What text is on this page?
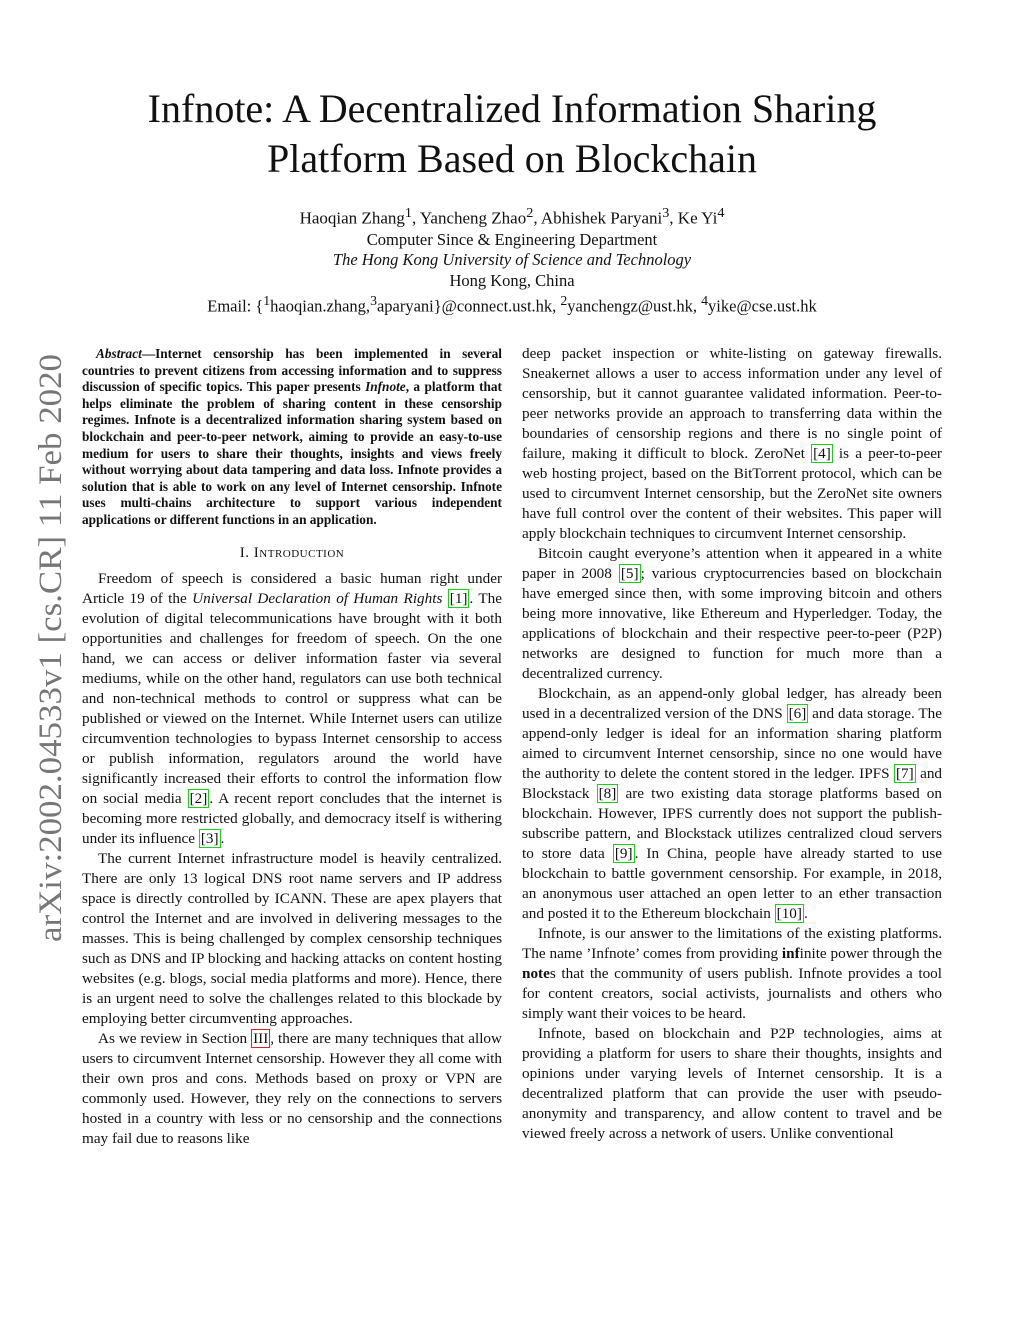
arXiv:2002.04533v1 [cs.CR] 11 Feb 2020
Infnote: A Decentralized Information Sharing
Platform Based on Blockchain
Haoqian Zhang$^1$, Yancheng Zhao$^2$, Abhishek Paryani$^3$, Ke Yi$^4$
Computer Since & Engineering Department
The Hong Kong University of Science and Technology
Hong Kong, China
Email: {$^1$haoqian.zhang,$^3$aparyani}@connect.ust.hk, $^2$yanchengz@ust.hk, $^4$yike@cse.ust.hk
Abstract—Internet censorship has been implemented in several countries to prevent citizens from accessing information and to suppress discussion of specific topics. This paper presents Infnote, a platform that helps eliminate the problem of sharing content in these censorship regimes. Infnote is a decentralized information sharing system based on blockchain and peer-to-peer network, aiming to provide an easy-to-use medium for users to share their thoughts, insights and views freely without worrying about data tampering and data loss. Infnote provides a solution that is able to work on any level of Internet censorship. Infnote uses multi-chains architecture to support various independent applications or different functions in an application.
I. Introduction

Freedom of speech is considered a basic human right under Article 19 of the Universal Declaration of Human Rights [1] . The evolution of digital telecommunications have brought with it both opportunities and challenges for freedom of speech. On the one hand, we can access or deliver information faster via several mediums, while on the other hand, regulators can use both technical and non-technical methods to control or suppress what can be published or viewed on the Internet. While Internet users can utilize circumvention technologies to bypass Internet censorship to access or publish information, regulators around the world have significantly increased their efforts to control the information flow on social media [2] . A recent report concludes that the internet is becoming more restricted globally, and democracy itself is withering under its influence [3] .

The current Internet infrastructure model is heavily centralized. There are only 13 logical DNS root name servers and IP address space is directly controlled by ICANN. These are apex players that control the Internet and are involved in delivering messages to the masses. This is being challenged by complex censorship techniques such as DNS and IP blocking and hacking attacks on content hosting websites (e.g. blogs, social media platforms and more). Hence, there is an urgent need to solve the challenges related to this blockade by employing better circumventing approaches.

As we review in Section III , there are many techniques that allow users to circumvent Internet censorship. However they all come with their own pros and cons. Methods based on proxy or VPN are commonly used. However, they rely on the connections to servers hosted in a country with less or no censorship and the connections may fail due to reasons like

deep packet inspection or white-listing on gateway firewalls. Sneakernet allows a user to access information under any level of censorship, but it cannot guarantee validated information. Peer-to-peer networks provide an approach to transferring data within the boundaries of censorship regions and there is no single point of failure, making it difficult to block. ZeroNet [4] is a peer-to-peer web hosting project, based on the BitTorrent protocol, which can be used to circumvent Internet censorship, but the ZeroNet site owners have full control over the content of their websites. This paper will apply blockchain techniques to circumvent Internet censorship.

Bitcoin caught everyone’s attention when it appeared in a white paper in 2008 [5] ; various cryptocurrencies based on blockchain have emerged since then, with some improving bitcoin and others being more innovative, like Ethereum and Hyperledger. Today, the applications of blockchain and their respective peer-to-peer (P2P) networks are designed to function for much more than a decentralized currency.

Blockchain, as an append-only global ledger, has already been used in a decentralized version of the DNS [6] and data storage. The append-only ledger is ideal for an information sharing platform aimed to circumvent Internet censorship, since no one would have the authority to delete the content stored in the ledger. IPFS [7] and Blockstack [8] are two existing data storage platforms based on blockchain. However, IPFS currently does not support the publish-subscribe pattern, and Blockstack utilizes centralized cloud servers to store data [9] . In China, people have already started to use blockchain to battle government censorship. For example, in 2018, an anonymous user attached an open letter to an ether transaction and posted it to the Ethereum blockchain [10] .

Infnote, is our answer to the limitations of the existing platforms. The name ’Infnote’ comes from providing infinite power through the notes that the community of users publish. Infnote provides a tool for content creators, social activists, journalists and others who simply want their voices to be heard.

Infnote, based on blockchain and P2P technologies, aims at providing a platform for users to share their thoughts, insights and opinions under varying levels of Internet censorship. It is a decentralized platform that can provide the user with pseudo-anonymity and transparency, and allow content to travel and be viewed freely across a network of users. Unlike conventional
